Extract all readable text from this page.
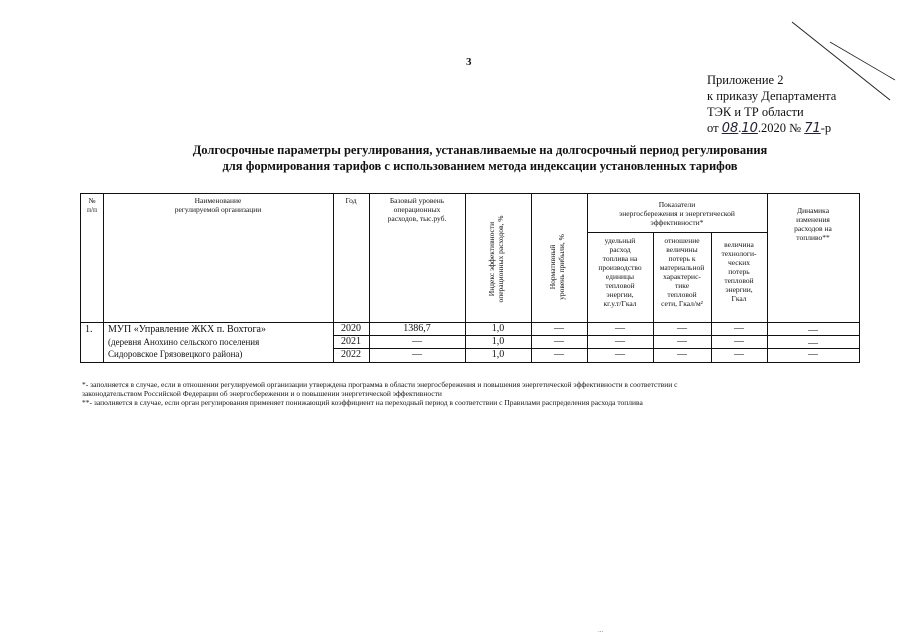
3
Приложение 2
к приказу Департамента
ТЭК и ТР области
от 08.10.2020 № 71-р
Долгосрочные параметры регулирования, устанавливаемые на долгосрочный период регулирования
для формирования тарифов с использованием метода индексации установленных тарифов
№
п/п
Наименование
регулируемой организации
Год	Базовый уровень
операционных
расходов, тыс.руб.
Индекс эффективности операционных расходов, %	Нормативный уровень прибыли, %
Показатели
энергосбережения и энергетической
эффективности*
удельный
расход
топлива на
производство
единицы
тепловой
энергии,
кг.у.т/Гкал
отношение
величины
потерь к
материальной
характерис-
тике
тепловой
сети, Гкал/м²
величина
технологи-
ческих
потерь
тепловой
энергии,
Гкал
Динамика
изменения
расходов на
топливо**
1. МУП «Управление ЖКХ п. Вохтога»
(деревня Анохино сельского поселения
Сидоровское Грязовецкого района)
2020
2021
2022
1386,7
—
—
1,0
1,0
1,0
—
—
—
—
—
—
—
—
—
—
—
—
—
—
—

*- заполняется в случае, если в отношении регулируемой организации утверждена программа в области энергосбережения и повышения энергетической эффективности в соответствии с

законодательством Российской Федерации об энергосбережении и о повышении энергетической эффективности

**- заполняется в случае, если орган регулирования применяет понижающий коэффициент на переходный период в соответствии с Правилами распределения расхода топлива

...
